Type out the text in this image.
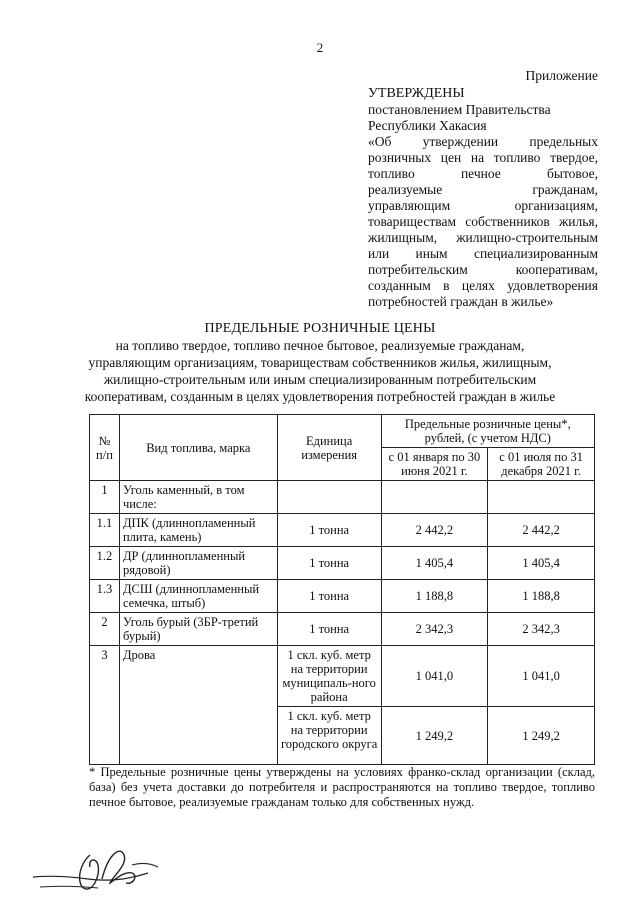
2
Приложение
УТВЕРЖДЕНЫ
постановлением Правительства
Республики Хакасия
«Об утверждении предельных
розничных цен на топливо твердое,
топливо печное бытовое,
реализуемые гражданам,
управляющим организациям,
товариществам собственников жилья,
жилищным, жилищно-строительным
или иным специализированным
потребительским кооперативам,
созданным в целях удовлетворения
потребностей граждан в жилье»
ПРЕДЕЛЬНЫЕ РОЗНИЧНЫЕ ЦЕНЫ
на топливо твердое, топливо печное бытовое, реализуемые гражданам,
управляющим организациям, товариществам собственников жилья, жилищным,
жилищно-строительным или иным специализированным потребительским
кооперативам, созданным в целях удовлетворения потребностей граждан в жилье
№ п/п	Вид топлива, марка	Единица измерения	Предельные розничные цены*, рублей, (с учетом НДС)	
			с 01 января по 30 июня 2021 г.	с 01 июля по 31 декабря 2021 г.
1	Уголь каменный, в том числе:			
1.1	ДПК (длиннопламенный плита, камень)	1 тонна	2 442,2	2 442,2
1.2	ДР (длиннопламенный рядовой)	1 тонна	1 405,4	1 405,4
1.3	ДСШ (длиннопламенный семечка, штыб)	1 тонна	1 188,8	1 188,8
2	Уголь бурый (3БР-третий бурый)	1 тонна	2 342,3	2 342,3
3	Дрова	1 скл. куб. метр на территории муниципаль-ного района	1 041,0	1 041,0
		1 скл. куб. метр на территории городского округа	1 249,2	1 249,2
* Предельные розничные цены утверждены на условиях франко-склад организации (склад, база) без учета доставки до потребителя и распространяются на топливо твердое, топливо печное бытовое, реализуемые гражданам только для собственных нужд.
